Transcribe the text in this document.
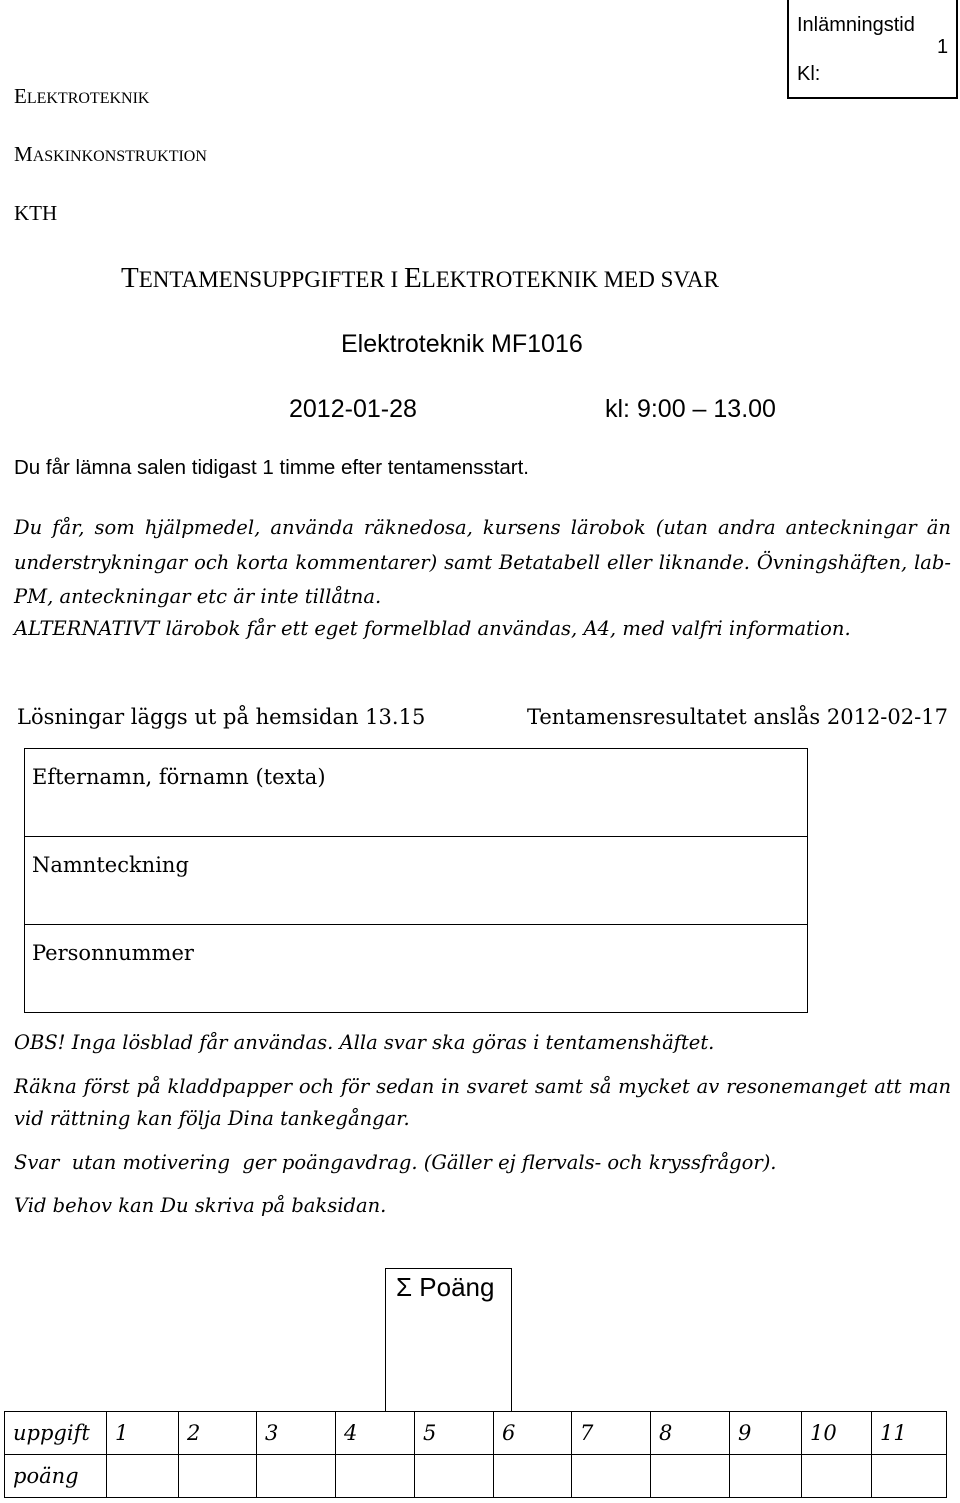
Inlämningstid
1
Kl:
ELEKTROTEKNIK
MASKINKONSTRUKTION
KTH
TENTAMENSUPPGIFTER I ELEKTROTEKNIK MED SVAR
Elektroteknik MF1016
2012-01-28	kl: 9:00 – 13.00
Du får lämna salen tidigast 1 timme efter tentamensstart.
Du får, som hjälpmedel, använda räknedosa, kursens lärobok (utan andra anteckningar än understrykningar och korta kommentarer) samt Betatabell eller liknande. Övningshäften, lab-PM, anteckningar etc är inte tillåtna.
ALTERNATIVT lärobok får ett eget formelblad användas, A4, med valfri information.
Lösningar läggs ut på hemsidan 13.15	Tentamensresultatet anslås 2012-02-17
Efternamn, förnamn (texta)
Namnteckning
Personnummer
OBS! Inga lösblad får användas. Alla svar ska göras i tentamenshäftet.
Räkna först på kladdpapper och för sedan in svaret samt så mycket av resonemanget att man vid rättning kan följa Dina tankegångar.
Svar  utan motivering  ger poängavdrag. (Gäller ej flervals- och kryssfrågor).
Vid behov kan Du skriva på baksidan.
Σ Poäng
uppgift	1	2	3	4	5	6	7	8	9	10	11
poäng											
